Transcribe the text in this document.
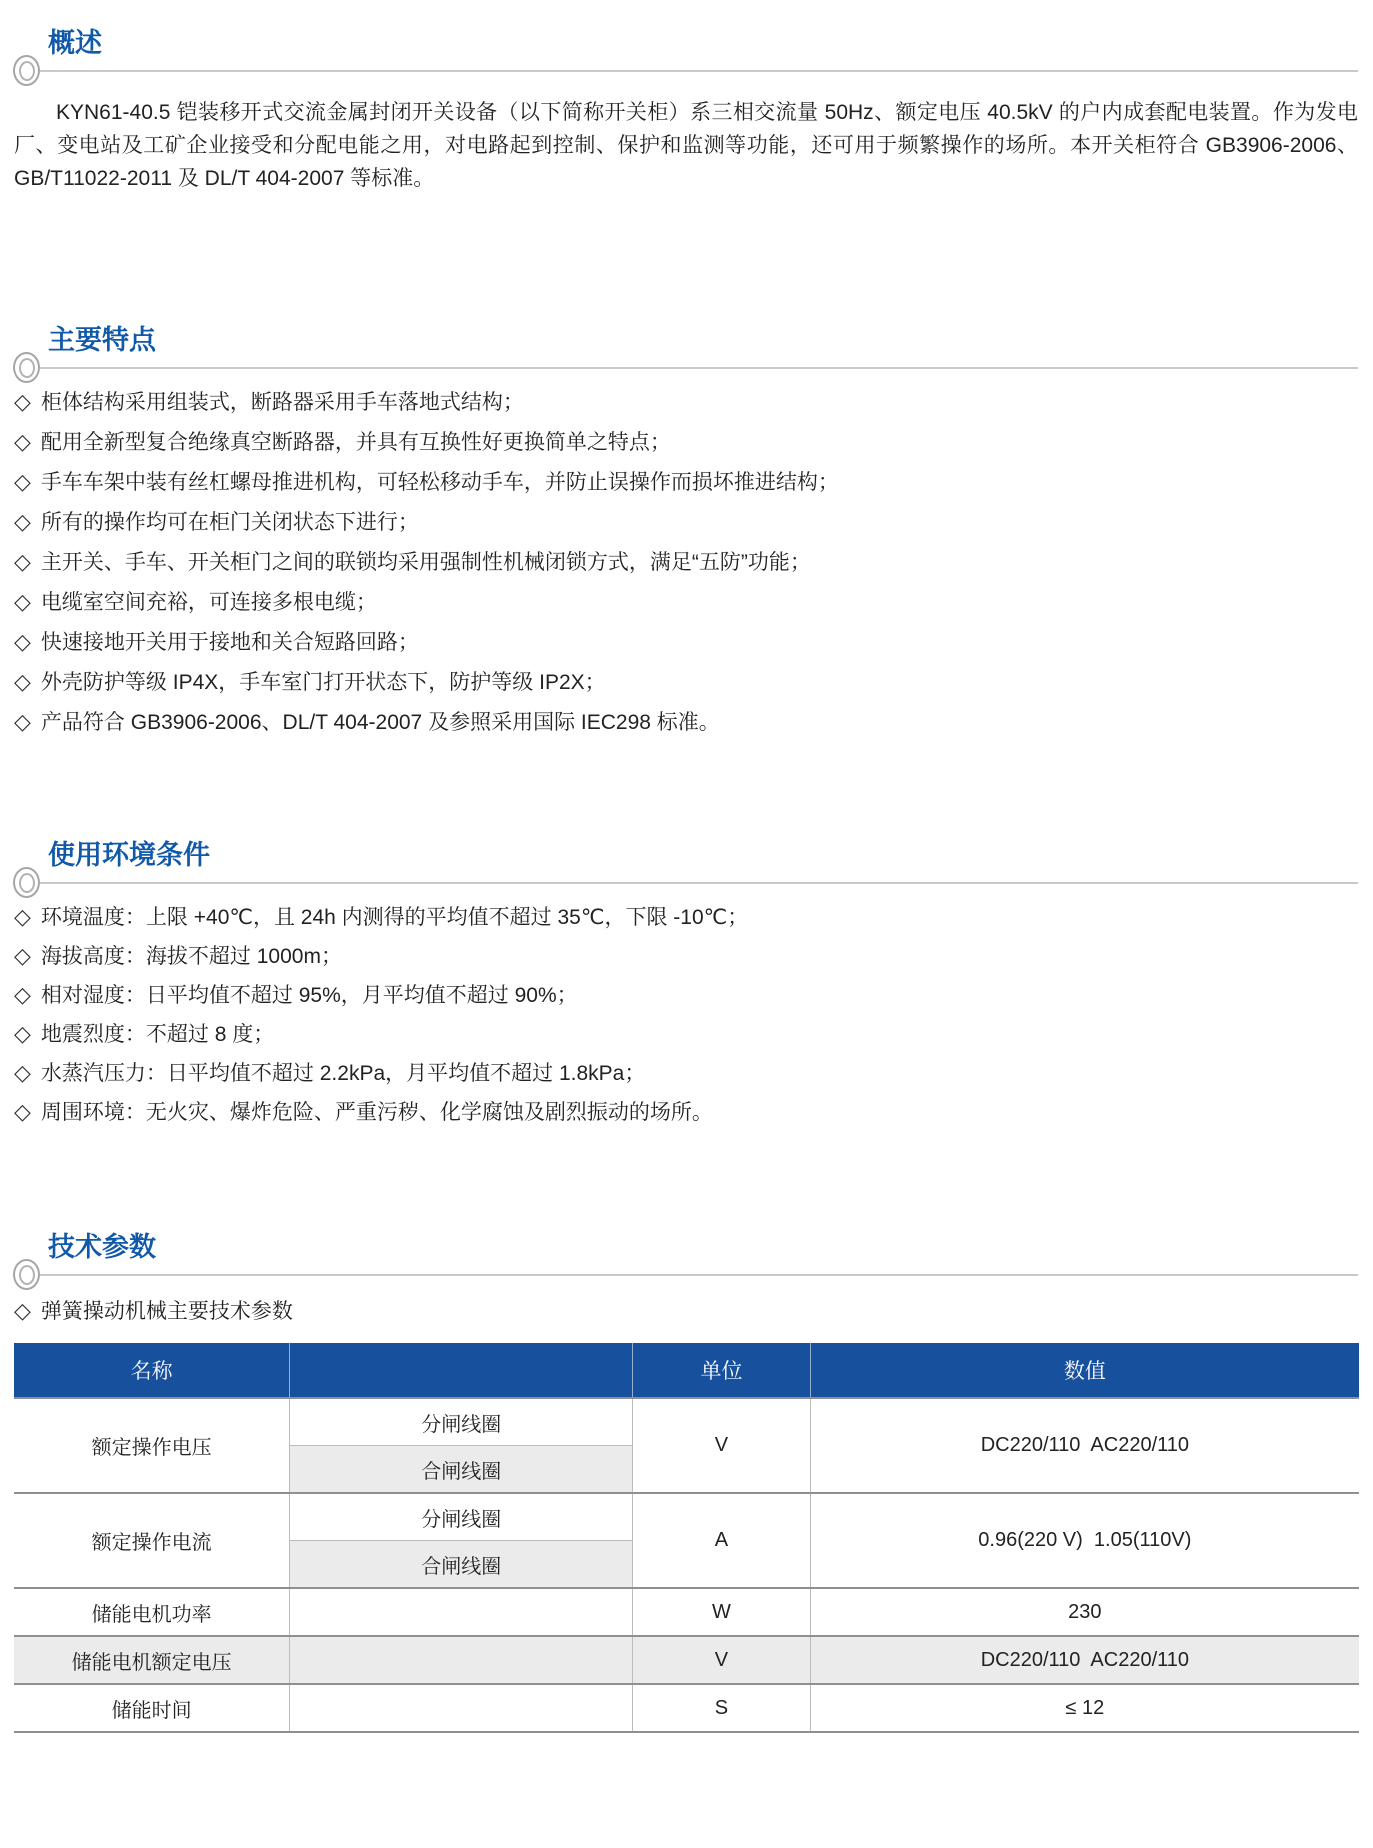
概述

KYN61-40.5 铠装移开式交流金属封闭开关设备（以下简称开关柜）系三相交流量 50Hz、额定电压 40.5kV 的户内成套配电装置。作为发电厂、变电站及工矿企业接受和分配电能之用，对电路起到控制、保护和监测等功能，还可用于频繁操作的场所。本开关柜符合 GB3906-2006、GB/T11022-2011 及 DL/T 404-2007 等标准。

主要特点
◇ 柜体结构采用组装式，断路器采用手车落地式结构；
◇ 配用全新型复合绝缘真空断路器，并具有互换性好更换简单之特点；
◇ 手车车架中装有丝杠螺母推进机构，可轻松移动手车，并防止误操作而损坏推进结构；
◇ 所有的操作均可在柜门关闭状态下进行；
◇ 主开关、手车、开关柜门之间的联锁均采用强制性机械闭锁方式，满足“五防”功能；
◇ 电缆室空间充裕，可连接多根电缆；
◇ 快速接地开关用于接地和关合短路回路；
◇ 外壳防护等级 IP4X，手车室门打开状态下，防护等级 IP2X；
◇ 产品符合 GB3906-2006、DL/T 404-2007 及参照采用国际 IEC298 标准。
使用环境条件
◇ 环境温度：上限 +40℃，且 24h 内测得的平均值不超过 35℃，下限 -10℃；
◇ 海拔高度：海拔不超过 1000m；
◇ 相对湿度：日平均值不超过 95%，月平均值不超过 90%；
◇ 地震烈度：不超过 8 度；
◇ 水蒸汽压力：日平均值不超过 2.2kPa，月平均值不超过 1.8kPa；
◇ 周围环境：无火灾、爆炸危险、严重污秽、化学腐蚀及剧烈振动的场所。
技术参数
◇ 弹簧操动机械主要技术参数
名称		单位	数值
额定操作电压	分闸线圈	V	DC220/110  AC220/110
	合闸线圈		
额定操作电流	分闸线圈	A	0.96(220 V)  1.05(110V)
	合闸线圈		
储能电机功率		W	230
储能电机额定电压		V	DC220/110  AC220/110
储能时间		S	≤ 12
